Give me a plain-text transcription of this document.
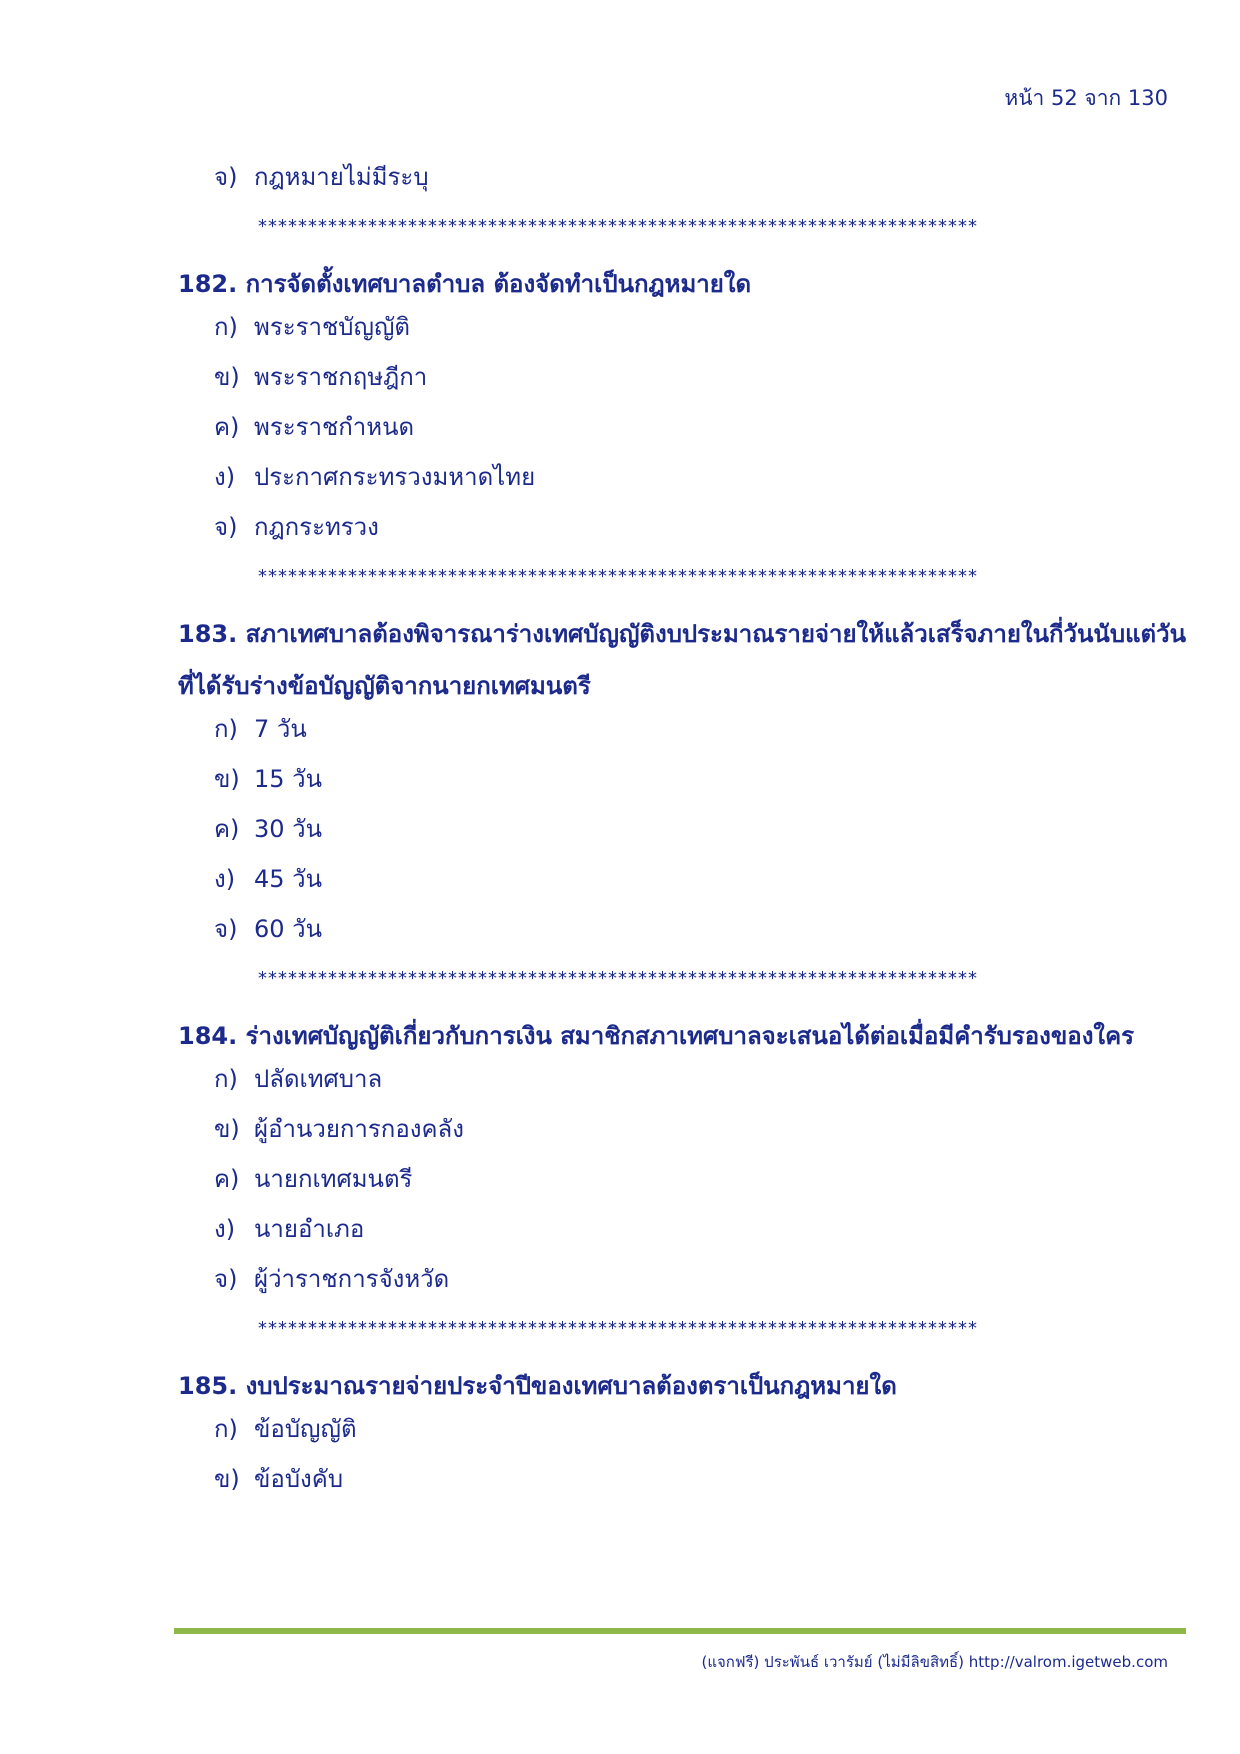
หน้า 52 จาก 130
จ) กฎหมายไม่มีระบุ
************************************************************************
182. การจัดตั้งเทศบาลตำบล ต้องจัดทำเป็นกฎหมายใด
ก) พระราชบัญญัติ
ข) พระราชกฤษฎีกา
ค) พระราชกำหนด
ง) ประกาศกระทรวงมหาดไทย
จ) กฎกระทรวง
************************************************************************
183. สภาเทศบาลต้องพิจารณาร่างเทศบัญญัติงบประมาณรายจ่ายให้แล้วเสร็จภายในกี่วันนับแต่วันที่ได้รับร่างข้อบัญญัติจากนายกเทศมนตรี
ก) 7 วัน
ข) 15 วัน
ค) 30 วัน
ง) 45 วัน
จ) 60 วัน
************************************************************************
184. ร่างเทศบัญญัติเกี่ยวกับการเงิน สมาชิกสภาเทศบาลจะเสนอได้ต่อเมื่อมีคำรับรองของใคร
ก) ปลัดเทศบาล
ข) ผู้อำนวยการกองคลัง
ค) นายกเทศมนตรี
ง) นายอำเภอ
จ) ผู้ว่าราชการจังหวัด
************************************************************************
185. งบประมาณรายจ่ายประจำปีของเทศบาลต้องตราเป็นกฎหมายใด
ก) ข้อบัญญัติ
ข) ข้อบังคับ
(แจกฟรี) ประพันธ์ เวารัมย์ (ไม่มีลิขสิทธิ์) http://valrom.igetweb.com
